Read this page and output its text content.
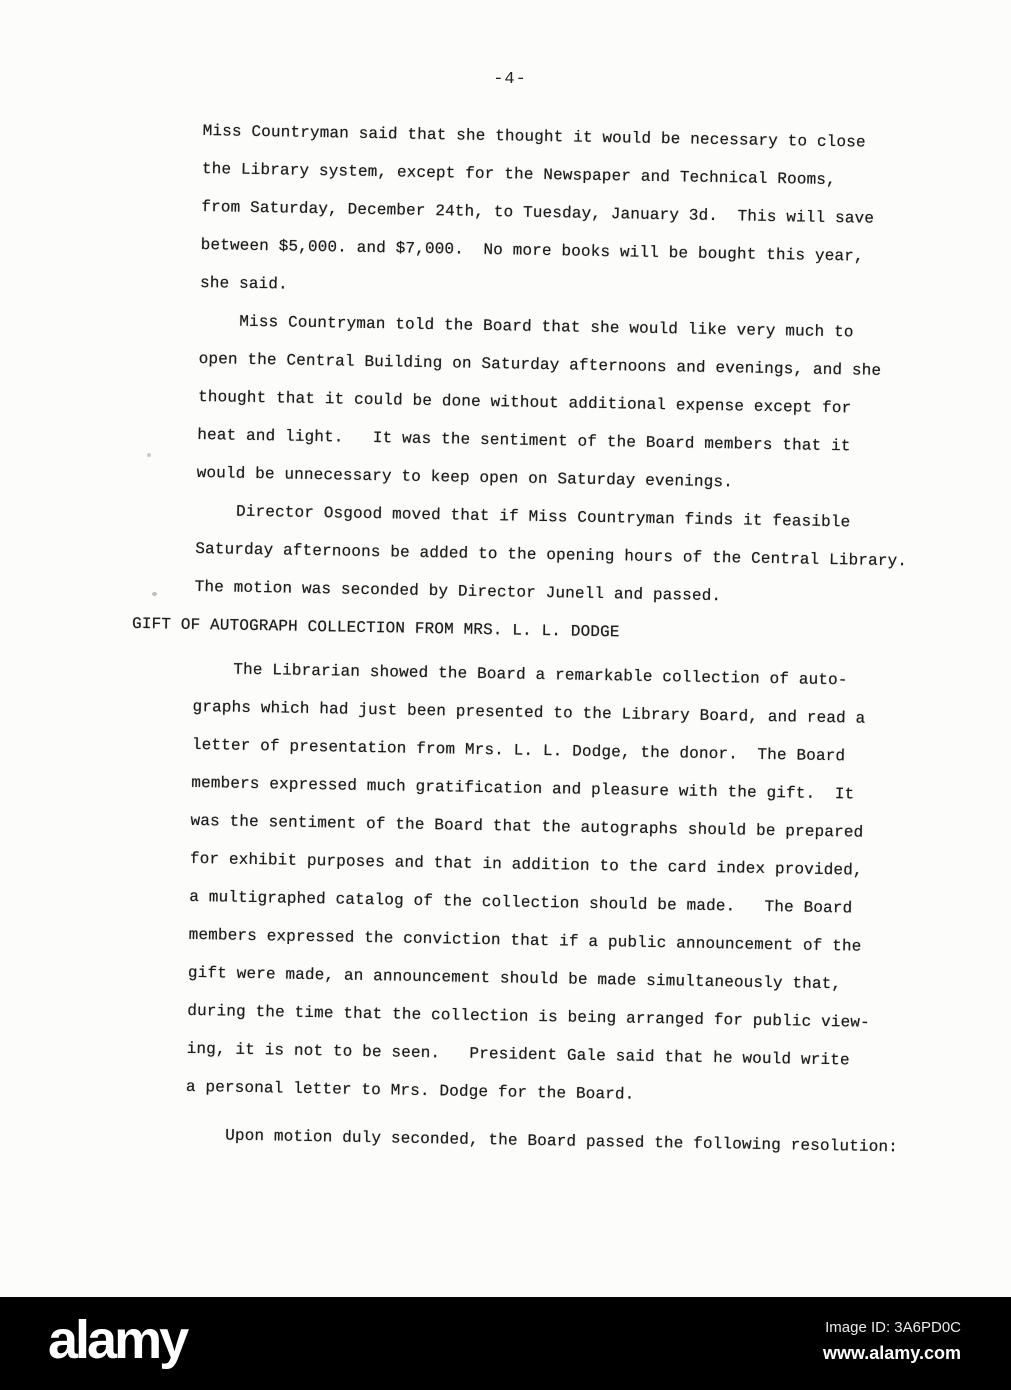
-4-
Miss Countryman said that she thought it would be necessary to close
the Library system, except for the Newspaper and Technical Rooms,
from Saturday, December 24th, to Tuesday, January 3d.  This will save
between $5,000. and $7,000.  No more books will be bought this year,
she said.
Miss Countryman told the Board that she would like very much to
open the Central Building on Saturday afternoons and evenings, and she
thought that it could be done without additional expense except for
heat and light.   It was the sentiment of the Board members that it
would be unnecessary to keep open on Saturday evenings.
Director Osgood moved that if Miss Countryman finds it feasible
Saturday afternoons be added to the opening hours of the Central Library.
The motion was seconded by Director Junell and passed.
GIFT OF AUTOGRAPH COLLECTION FROM MRS. L. L. DODGE
The Librarian showed the Board a remarkable collection of auto-
graphs which had just been presented to the Library Board, and read a
letter of presentation from Mrs. L. L. Dodge, the donor.  The Board
members expressed much gratification and pleasure with the gift.  It
was the sentiment of the Board that the autographs should be prepared
for exhibit purposes and that in addition to the card index provided,
a multigraphed catalog of the collection should be made.   The Board
members expressed the conviction that if a public announcement of the
gift were made, an announcement should be made simultaneously that,
during the time that the collection is being arranged for public view-
ing, it is not to be seen.   President Gale said that he would write
a personal letter to Mrs. Dodge for the Board.
Upon motion duly seconded, the Board passed the following resolution:
alamy	Image ID: 3A6PD0C
www.alamy.com
